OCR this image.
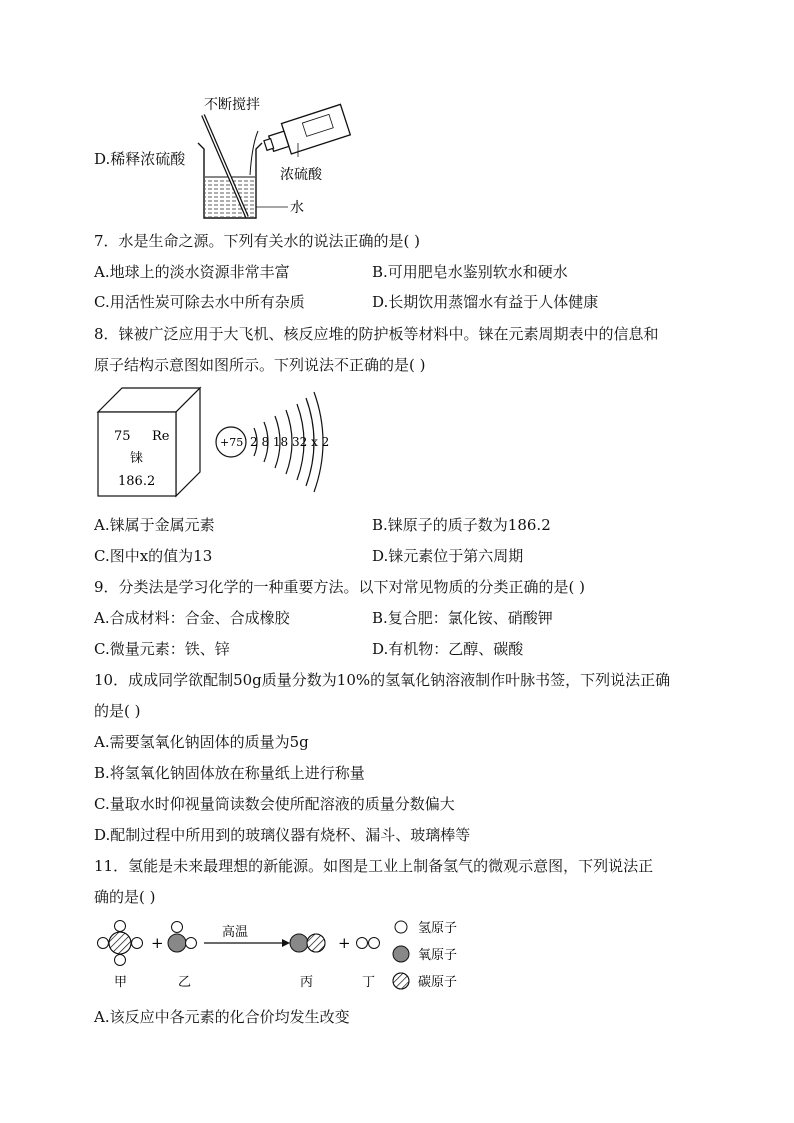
D.稀释浓硫酸
不断搅拌
浓硫酸
水
7．水是生命之源。下列有关水的说法正确的是( )
A.地球上的淡水资源非常丰富	B.可用肥皂水鉴别软水和硬水
C.用活性炭可除去水中所有杂质	D.长期饮用蒸馏水有益于人体健康
8．铼被广泛应用于大飞机、核反应堆的防护板等材料中。铼在元素周期表中的信息和
原子结构示意图如图所示。下列说法不正确的是( )
75 Re
铼
186.2
+75 2 8 18 32 x 2
A.铼属于金属元素	B.铼原子的质子数为186.2
C.图中x的值为13	D.铼元素位于第六周期
9．分类法是学习化学的一种重要方法。以下对常见物质的分类正确的是( )
A.合成材料：合金、合成橡胶	B.复合肥：氯化铵、硝酸钾
C.微量元素：铁、锌	D.有机物：乙醇、碳酸
10．成成同学欲配制50g质量分数为10%的氢氧化钠溶液制作叶脉书签，下列说法正确
的是( )
A.需要氢氧化钠固体的质量为5g
B.将氢氧化钠固体放在称量纸上进行称量
C.量取水时仰视量筒读数会使所配溶液的质量分数偏大
D.配制过程中所用到的玻璃仪器有烧杯、漏斗、玻璃棒等
11．氢能是未来最理想的新能源。如图是工业上制备氢气的微观示意图，下列说法正
确的是( )
+
高温
+
甲	乙	丙	丁
氢原子
氧原子
碳原子
A.该反应中各元素的化合价均发生改变
